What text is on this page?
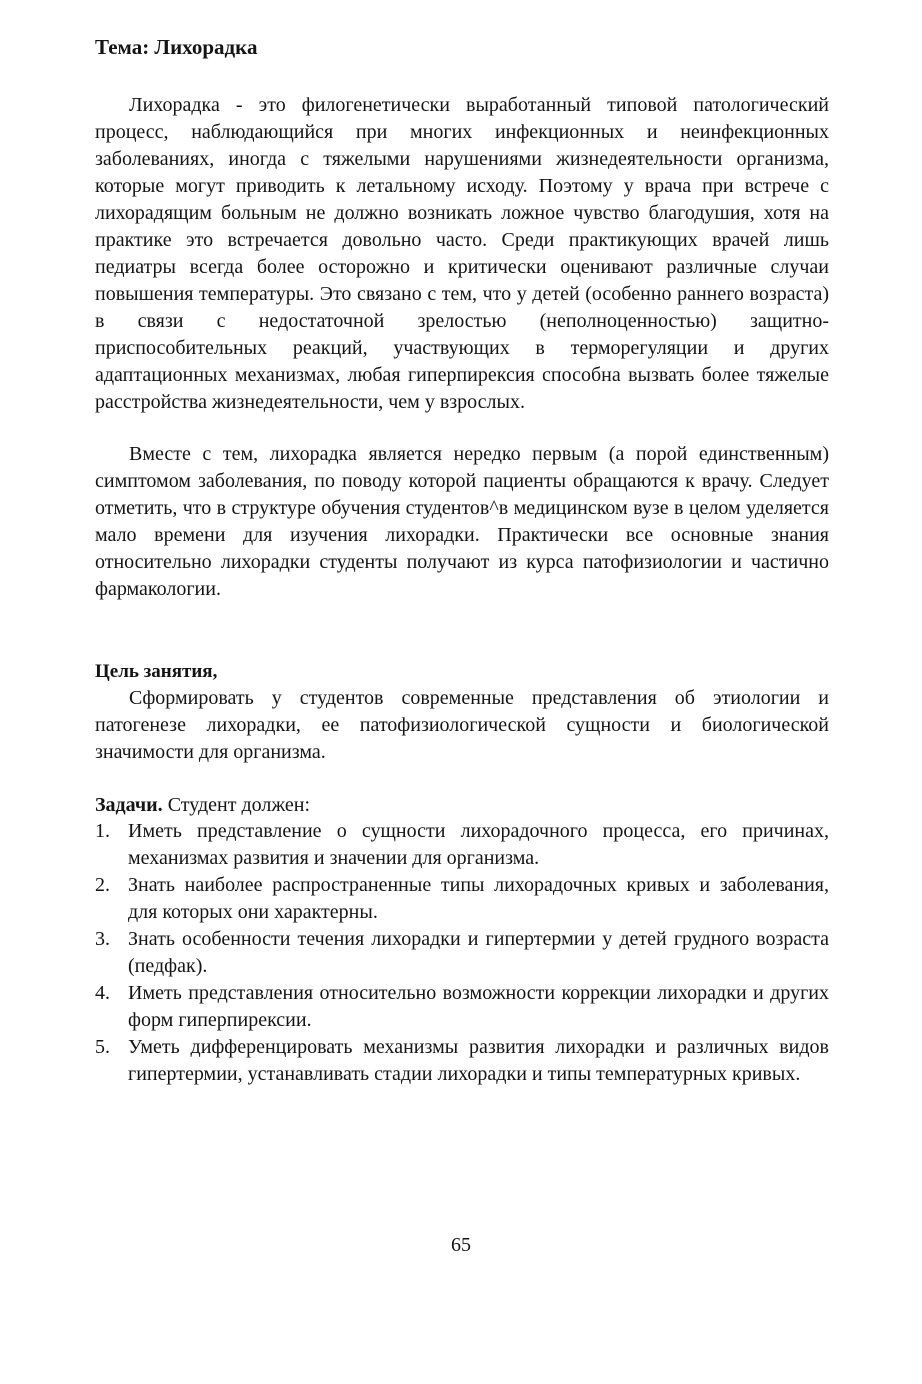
Тема: Лихорадка

Лихорадка - это филогенетически выработанный типовой патологический процесс, наблюдающийся при многих инфекционных и неинфекционных заболеваниях, иногда с тяжелыми нарушениями жизнедеятельности организма, которые могут приводить к летальному исходу. Поэтому у врача при встрече с лихорадящим больным не должно возникать ложное чувство благодушия, хотя на практике это встречается довольно часто. Среди практикующих врачей лишь педиатры всегда более осторожно и критически оценивают различные случаи повышения температуры. Это связано с тем, что у детей (особенно раннего возраста) в связи с недостаточной зрелостью (неполноценностью) защитно-приспособительных реакций, участвующих в терморегуляции и других адаптационных механизмах, любая гиперпирексия способна вызвать более тяжелые расстройства жизнедеятельности, чем у взрослых.

Вместе с тем, лихорадка является нередко первым (а порой единственным) симптомом заболевания, по поводу которой пациенты обращаются к врачу. Следует отметить, что в структуре обучения студентов^в медицинском вузе в целом уделяется мало времени для изучения лихорадки. Практически все основные знания относительно лихорадки студенты получают из курса патофизиологии и частично фармакологии.

Цель занятия,

Сформировать у студентов современные представления об этиологии и патогенезе лихорадки, ее патофизиологической сущности и биологической значимости для организма.

Задачи. Студент должен:
1. Иметь представление о сущности лихорадочного процесса, его причинах, механизмах развития и значении для организма.
2. Знать наиболее распространенные типы лихорадочных кривых и заболевания, для которых они характерны.
3. Знать особенности течения лихорадки и гипертермии у детей грудного возраста (педфак).
4. Иметь представления относительно возможности коррекции лихорадки и других форм гиперпирексии.
5. Уметь дифференцировать механизмы развития лихорадки и различных видов гипертермии, устанавливать стадии лихорадки и типы температурных кривых.
65
